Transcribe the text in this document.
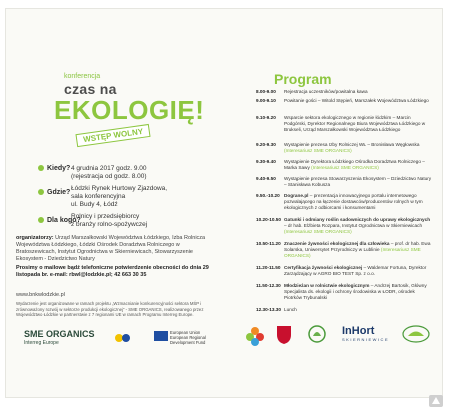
konferencja
czas na
EKOLOGIĘ!
WSTĘP WOLNY
Kiedy? 4 grudnia 2017 godz. 9.00
(rejestracja od godz. 8.00)
Gdzie?
Łódzki Rynek Hurtowy Zjazdowa,
sala konferencyjna
ul. Budy 4, Łódź
Dla kogo?
Rolnicy i przedsiębiorcy
z branży rolno-spożywczej
organizatorzy: Urząd Marszałkowski Województwa Łódzkiego, Izba Rolnicza Województwa Łódzkiego, Łódzki Ośrodek Doradztwa Rolniczego w Bratoszewicach, Instytut Ogrodnictwa w Skierniewicach, Stowarzyszenie Ekosystem - Dziedzictwo Natury
Prosimy o mailowe bądź telefoniczne potwierdzenie obecności do dnia 29 listopada br. e-mail: rbwl@lodzkie.pl; 42 663 30 35
www.bnkwlodzkie.pl
Wydarzenie jest organizowane w ramach projektu „Wzmacnianie konkurencyjności sektora MŚP i zrównoważony rozwój w sektorze produkcji ekologicznej” - SME ORGANICS, realizowanego przez Województwo Łódzkie w partnerstwie z 7 regionami UE w ramach Programu Interreg Europe.
SME ORGANICS
Interreg Europe
European Union
European Regional
Development Fund
Program
8.00-9.00	Rejestracja uczestników/powitalna kawa
9.00-9.10	Powitanie gości – Witold Stępień, Marszałek Województwa Łódzkiego
9.10-9.20	Wsparcie sektora ekologicznego w regionie łódzkim – Marcin Podgórski, Dyrektor Regionalnego Biura Województwa Łódzkiego w Brukseli, Urząd Marszałkowski Województwa Łódzkiego
9.20-9.30	Wystąpienie prezesa Izby Rolniczej WŁ – Bronisława Węgłowska (Interesariusz SME ORGANICS)
9.30-9.40	Wystąpienie Dyrektora Łódzkiego Ośrodka Doradztwa Rolniczego – Marka Sawy (Interesariusz SME ORGANICS)
9.40-9.50	Wystąpienie prezesa Stowarzyszenia Ekosystem – Dziedzictwo Natury – Stanisława Kobusza
9.50.-10.20 Dograne.pl – prezentacja innowacyjnego portalu internetowego pozwalającego na łączenie dostawców/producentów rolnych w tym ekologicznych z odbiorcami i konsumentami
10.20-10.50 Gatunki i odmiany roślin sadowniczych do uprawy ekologicznych – dr hab. Elżbieta Rozpara, Instytut Ogrodnictwa w Skierniewicach (Interesariusz SME ORGANICS)
10.50-11.20 Znaczenie żywności ekologicznej dla człowieka – prof. dr hab. Ewa Solarska, Uniwersytet Przyrodniczy w Lublinie (Interesariusz SME ORGANICS)
11.20-11.50 Certyfikacja żywności ekologicznej – Waldemar Fortuna, Dyrektor Zarządzający w AGRO BIO TEST Sp. z o.o.
11.50-12.30 Młodzieżan w rolnictwie ekologicznym – Andrzej Bartosik, Główny Specjalista ds. ekologii i ochrony środowiska w ŁODR, ośrodek Piotrków Trybunalski
12.30-13.30 Lunch
InHort
SKIERNIEWICE
